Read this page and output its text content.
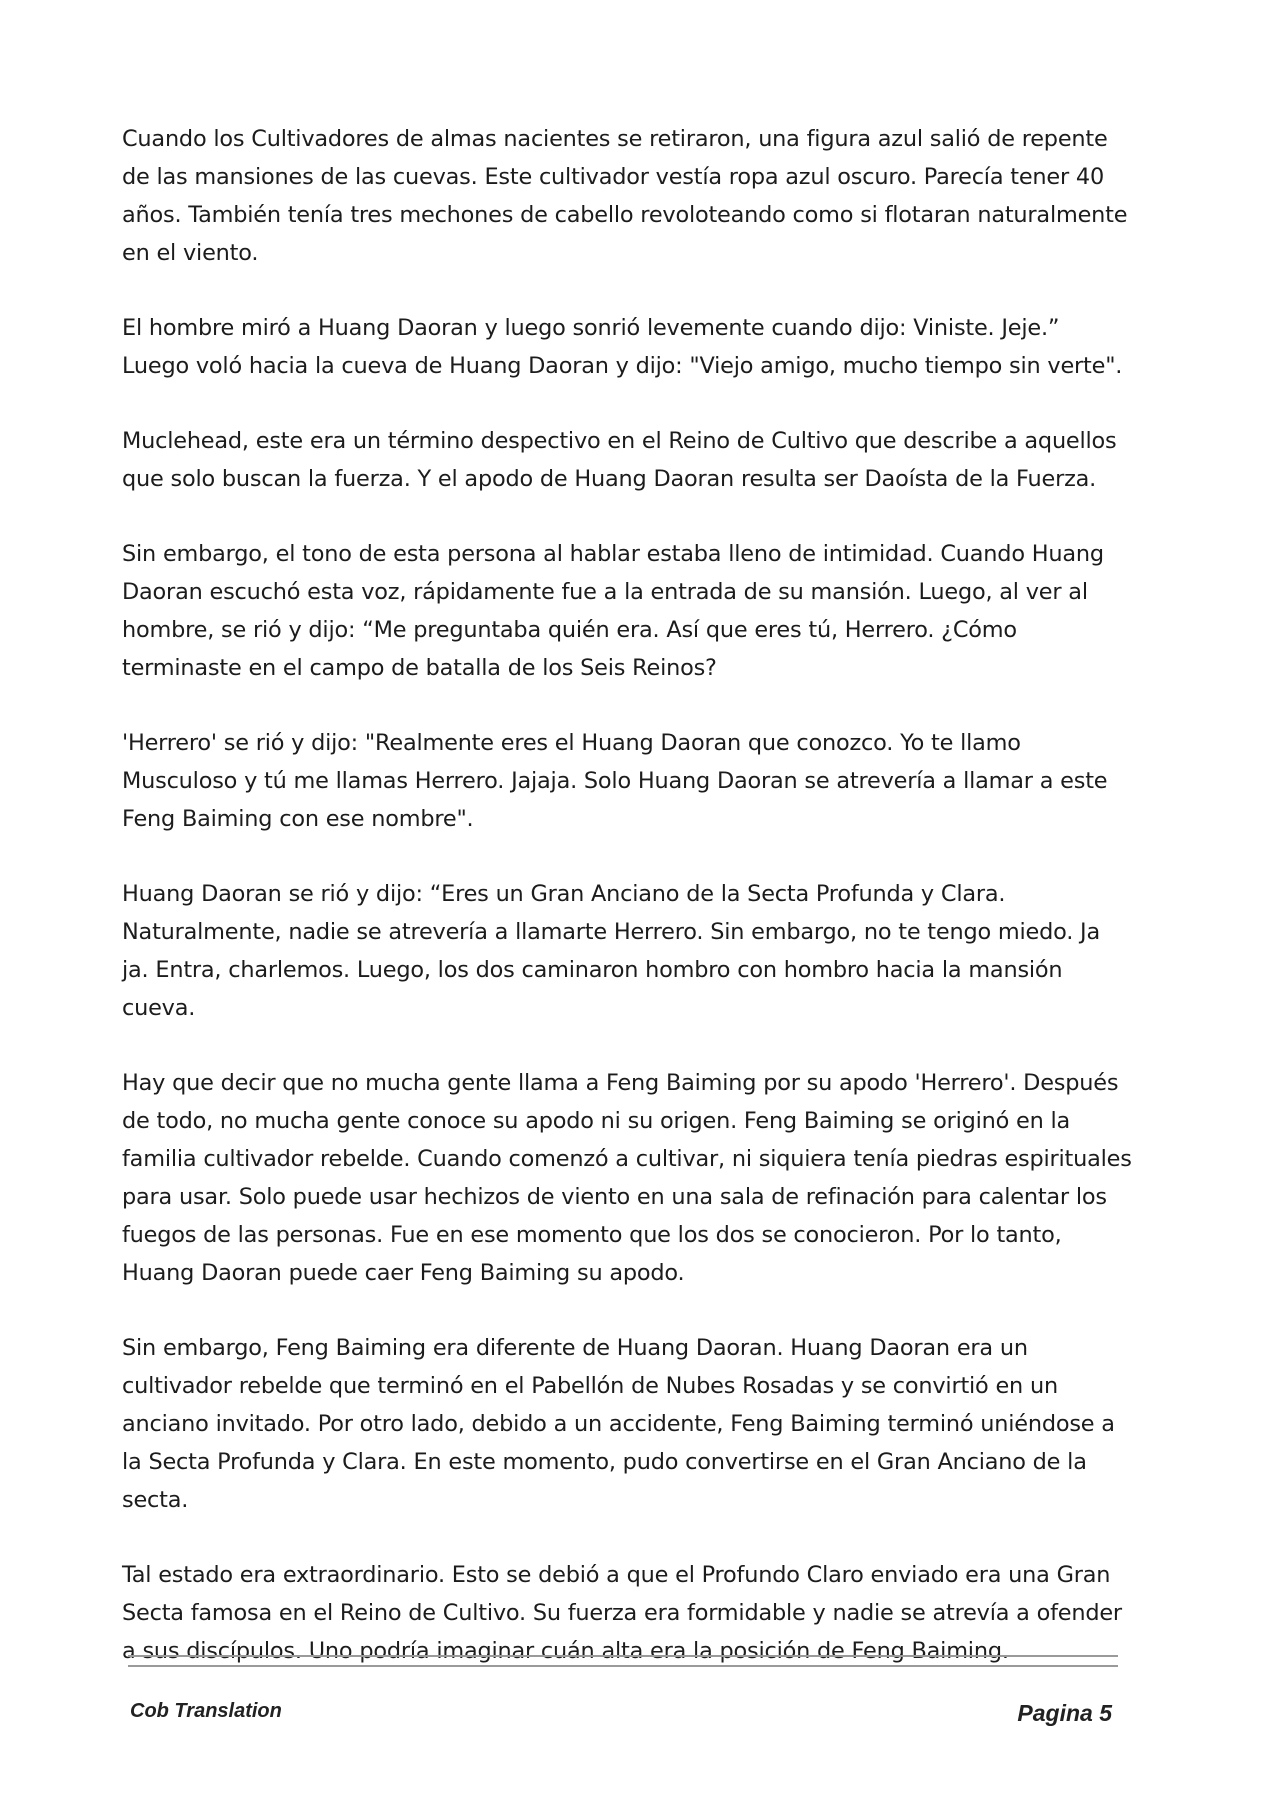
Cuando los Cultivadores de almas nacientes se retiraron, una figura azul salió de repente de las mansiones de las cuevas. Este cultivador vestía ropa azul oscuro. Parecía tener 40 años. También tenía tres mechones de cabello revoloteando como si flotaran naturalmente en el viento.

El hombre miró a Huang Daoran y luego sonrió levemente cuando dijo: Viniste. Jeje.” Luego voló hacia la cueva de Huang Daoran y dijo: "Viejo amigo, mucho tiempo sin verte".

Muclehead, este era un término despectivo en el Reino de Cultivo que describe a aquellos que solo buscan la fuerza. Y el apodo de Huang Daoran resulta ser Daoísta de la Fuerza.

Sin embargo, el tono de esta persona al hablar estaba lleno de intimidad. Cuando Huang Daoran escuchó esta voz, rápidamente fue a la entrada de su mansión. Luego, al ver al hombre, se rió y dijo: “Me preguntaba quién era. Así que eres tú, Herrero. ¿Cómo terminaste en el campo de batalla de los Seis Reinos?

'Herrero' se rió y dijo: "Realmente eres el Huang Daoran que conozco. Yo te llamo Musculoso y tú me llamas Herrero. Jajaja. Solo Huang Daoran se atrevería a llamar a este Feng Baiming con ese nombre".

Huang Daoran se rió y dijo: “Eres un Gran Anciano de la Secta Profunda y Clara. Naturalmente, nadie se atrevería a llamarte Herrero. Sin embargo, no te tengo miedo. Ja ja. Entra, charlemos. Luego, los dos caminaron hombro con hombro hacia la mansión cueva.

Hay que decir que no mucha gente llama a Feng Baiming por su apodo 'Herrero'. Después de todo, no mucha gente conoce su apodo ni su origen. Feng Baiming se originó en la familia cultivador rebelde. Cuando comenzó a cultivar, ni siquiera tenía piedras espirituales para usar. Solo puede usar hechizos de viento en una sala de refinación para calentar los fuegos de las personas. Fue en ese momento que los dos se conocieron. Por lo tanto, Huang Daoran puede caer Feng Baiming su apodo.

Sin embargo, Feng Baiming era diferente de Huang Daoran. Huang Daoran era un cultivador rebelde que terminó en el Pabellón de Nubes Rosadas y se convirtió en un anciano invitado. Por otro lado, debido a un accidente, Feng Baiming terminó uniéndose a la Secta Profunda y Clara. En este momento, pudo convertirse en el Gran Anciano de la secta.

Tal estado era extraordinario. Esto se debió a que el Profundo Claro enviado era una Gran Secta famosa en el Reino de Cultivo. Su fuerza era formidable y nadie se atrevía a ofender a sus discípulos. Uno podría imaginar cuán alta era la posición de Feng Baiming.

Cob Translation	Pagina 5
